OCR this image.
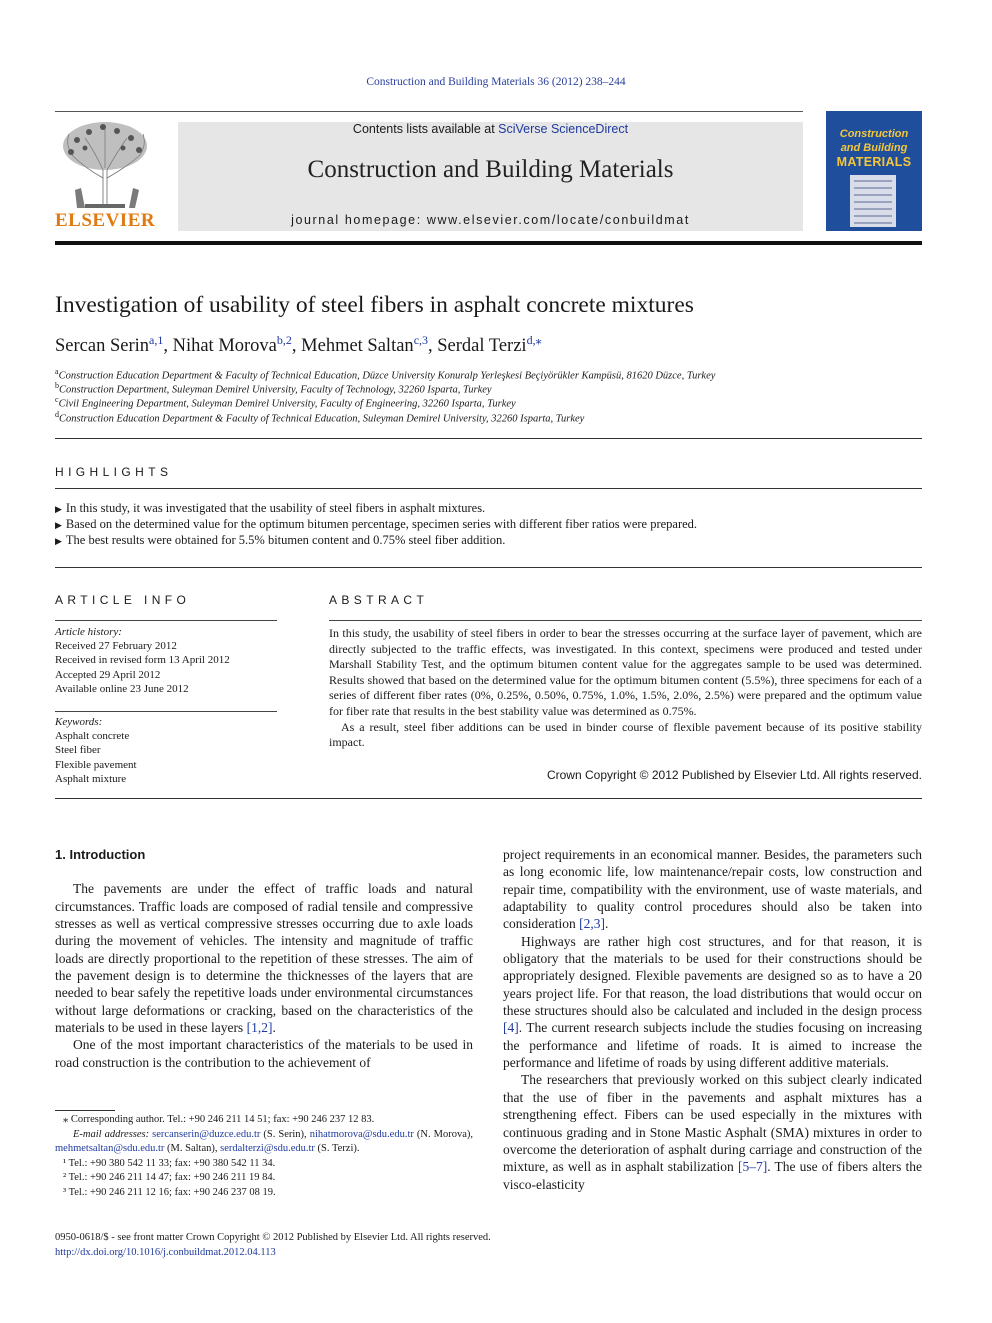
Construction and Building Materials 36 (2012) 238–244
Contents lists available at SciVerse ScienceDirect
Construction and Building Materials
journal homepage: www.elsevier.com/locate/conbuildmat
ELSEVIER
Construction
and Building
MATERIALS
Investigation of usability of steel fibers in asphalt concrete mixtures
Sercan Serin$^{a,1}$, Nihat Morova$^{b,2}$, Mehmet Saltan$^{c,3}$, Serdal Terzi$^{d,⁎}$
$^a$Construction Education Department & Faculty of Technical Education, Düzce University Konuralp Yerleşkesi Beçiyörükler Kampüsü, 81620 Düzce, Turkey
$^b$Construction Department, Suleyman Demirel University, Faculty of Technology, 32260 Isparta, Turkey
$^c$Civil Engineering Department, Suleyman Demirel University, Faculty of Engineering, 32260 Isparta, Turkey
$^d$Construction Education Department & Faculty of Technical Education, Suleyman Demirel University, 32260 Isparta, Turkey
HIGHLIGHTS
▶ In this study, it was investigated that the usability of steel fibers in asphalt mixtures.
▶ Based on the determined value for the optimum bitumen percentage, specimen series with different fiber ratios were prepared.
▶ The best results were obtained for 5.5% bitumen content and 0.75% steel fiber addition.
ARTICLE INFO
Article history:
Received 27 February 2012
Received in revised form 13 April 2012
Accepted 29 April 2012
Available online 23 June 2012
Keywords:
Asphalt concrete
Steel fiber
Flexible pavement
Asphalt mixture
ABSTRACT

In this study, the usability of steel fibers in order to bear the stresses occurring at the surface layer of pavement, which are directly subjected to the traffic effects, was investigated. In this context, specimens were produced and tested under Marshall Stability Test, and the optimum bitumen content value for the aggregates sample to be used was determined. Results showed that based on the determined value for the optimum bitumen content (5.5%), three specimens for each of a series of different fiber rates (0%, 0.25%, 0.50%, 0.75%, 1.0%, 1.5%, 2.0%, 2.5%) were prepared and the optimum value for fiber rate that results in the best stability value was determined as 0.75%.

As a result, steel fiber additions can be used in binder course of flexible pavement because of its positive stability impact.

Crown Copyright © 2012 Published by Elsevier Ltd. All rights reserved.
1. Introduction

The pavements are under the effect of traffic loads and natural circumstances. Traffic loads are composed of radial tensile and compressive stresses as well as vertical compressive stresses occurring due to axle loads during the movement of vehicles. The intensity and magnitude of traffic loads are directly proportional to the repetition of these stresses. The aim of the pavement design is to determine the thicknesses of the layers that are needed to bear safely the repetitive loads under environmental circumstances without large deformations or cracking, based on the characteristics of the materials to be used in these layers [1,2].

One of the most important characteristics of the materials to be used in road construction is the contribution to the achievement of

project requirements in an economical manner. Besides, the parameters such as long economic life, low maintenance/repair costs, low construction and repair time, compatibility with the environment, use of waste materials, and adaptability to quality control procedures should also be taken into consideration [2,3].

Highways are rather high cost structures, and for that reason, it is obligatory that the materials to be used for their constructions should be appropriately designed. Flexible pavements are designed so as to have a 20 years project life. For that reason, the load distributions that would occur on these structures should also be calculated and included in the design process [4]. The current research subjects include the studies focusing on increasing the performance and lifetime of roads. It is aimed to increase the performance and lifetime of roads by using different additive materials.

The researchers that previously worked on this subject clearly indicated that the use of fiber in the pavements and asphalt mixtures has a strengthening effect. Fibers can be used especially in the mixtures with continuous grading and in Stone Mastic Asphalt (SMA) mixtures in order to overcome the deterioration of asphalt during carriage and construction of the mixture, as well as in asphalt stabilization [5–7]. The use of fibers alters the visco-elasticity

⁎ Corresponding author. Tel.: +90 246 211 14 51; fax: +90 246 237 12 83.

E-mail addresses: sercanserin@duzce.edu.tr (S. Serin), nihatmorova@sdu.edu.tr (N. Morova), mehmetsaltan@sdu.edu.tr (M. Saltan), serdalterzi@sdu.edu.tr (S. Terzi).

¹ Tel.: +90 380 542 11 33; fax: +90 380 542 11 34.

² Tel.: +90 246 211 14 47; fax: +90 246 211 19 84.

³ Tel.: +90 246 211 12 16; fax: +90 246 237 08 19.

0950-0618/$ - see front matter Crown Copyright © 2012 Published by Elsevier Ltd. All rights reserved.
http://dx.doi.org/10.1016/j.conbuildmat.2012.04.113
